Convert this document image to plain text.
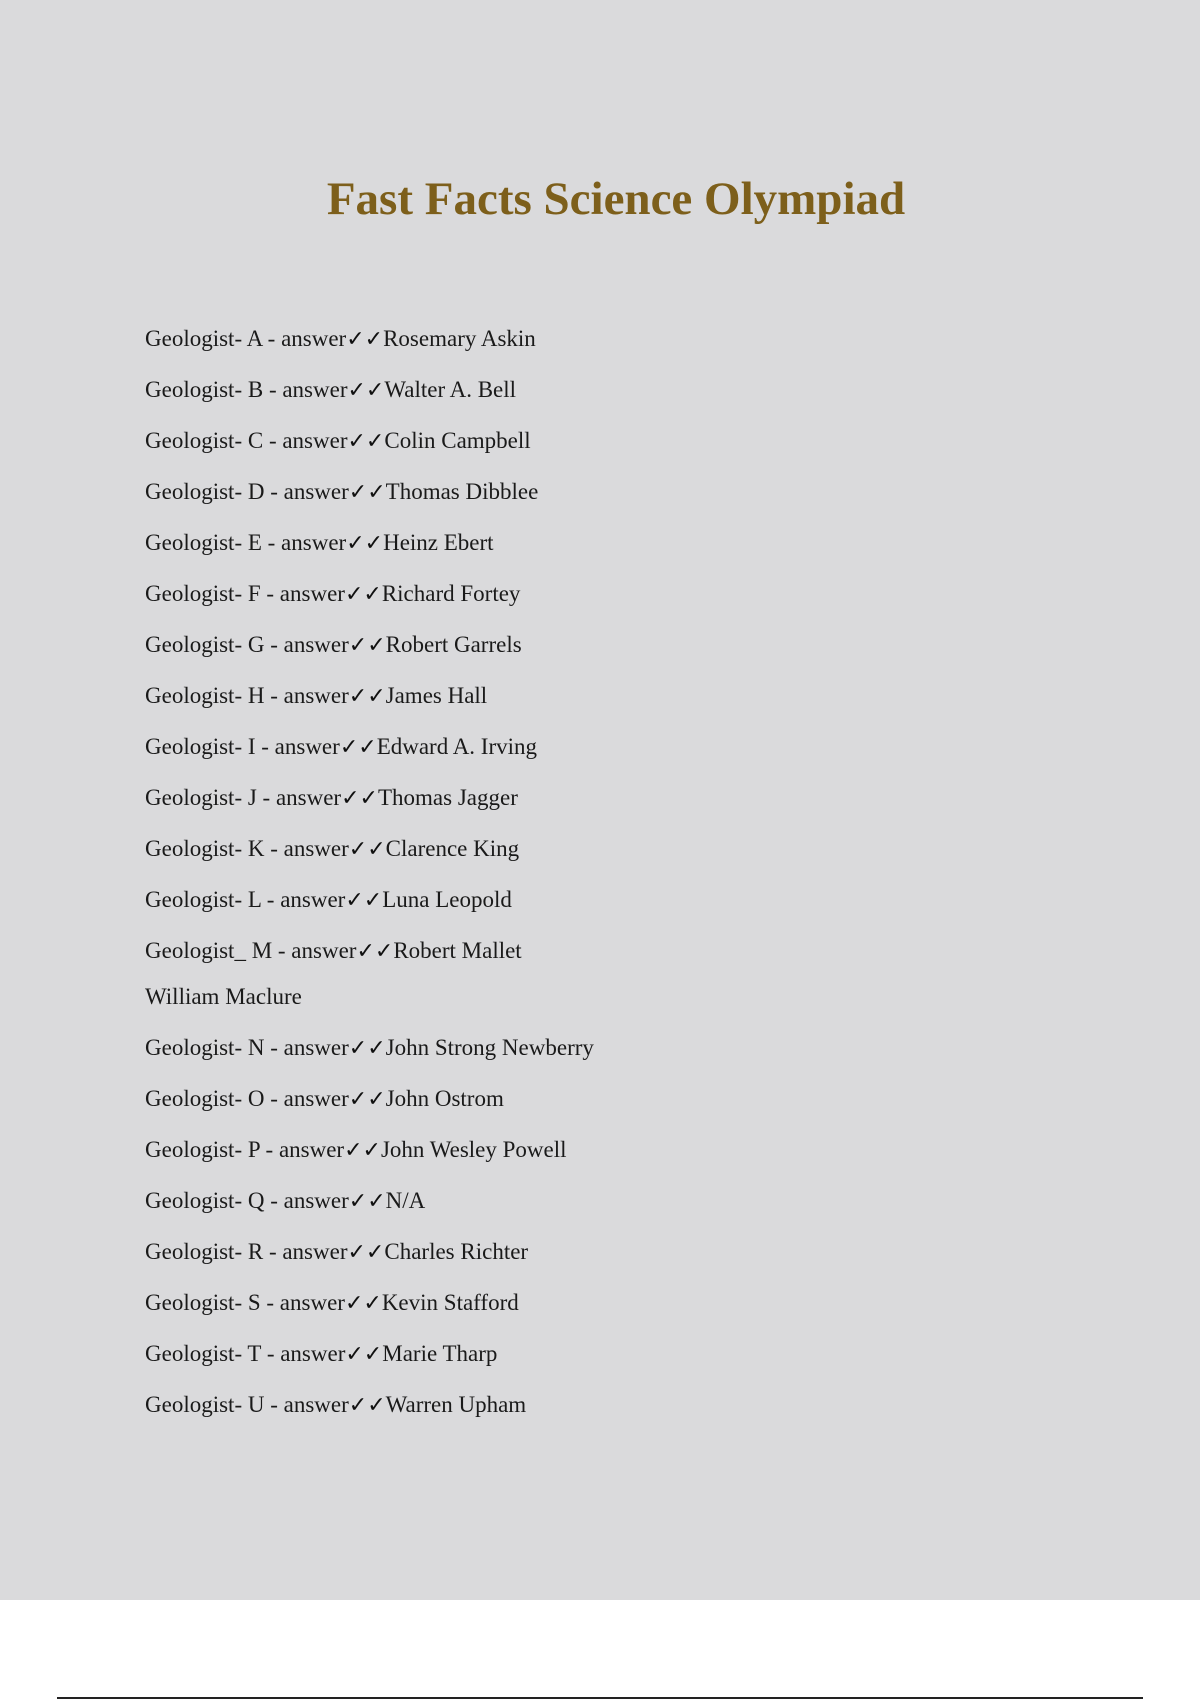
Fast Facts Science Olympiad
Geologist- A - answer✓✓Rosemary Askin
Geologist- B - answer✓✓Walter A. Bell
Geologist- C - answer✓✓Colin Campbell
Geologist- D - answer✓✓Thomas Dibblee
Geologist- E - answer✓✓Heinz Ebert
Geologist- F - answer✓✓Richard Fortey
Geologist- G - answer✓✓Robert Garrels
Geologist- H - answer✓✓James Hall
Geologist- I - answer✓✓Edward A. Irving
Geologist- J - answer✓✓Thomas Jagger
Geologist- K - answer✓✓Clarence King
Geologist- L - answer✓✓Luna Leopold
Geologist_ M - answer✓✓Robert Mallet
William Maclure
Geologist- N - answer✓✓John Strong Newberry
Geologist- O - answer✓✓John Ostrom
Geologist- P - answer✓✓John Wesley Powell
Geologist- Q - answer✓✓N/A
Geologist- R - answer✓✓Charles Richter
Geologist- S - answer✓✓Kevin Stafford
Geologist- T - answer✓✓Marie Tharp
Geologist- U - answer✓✓Warren Upham
